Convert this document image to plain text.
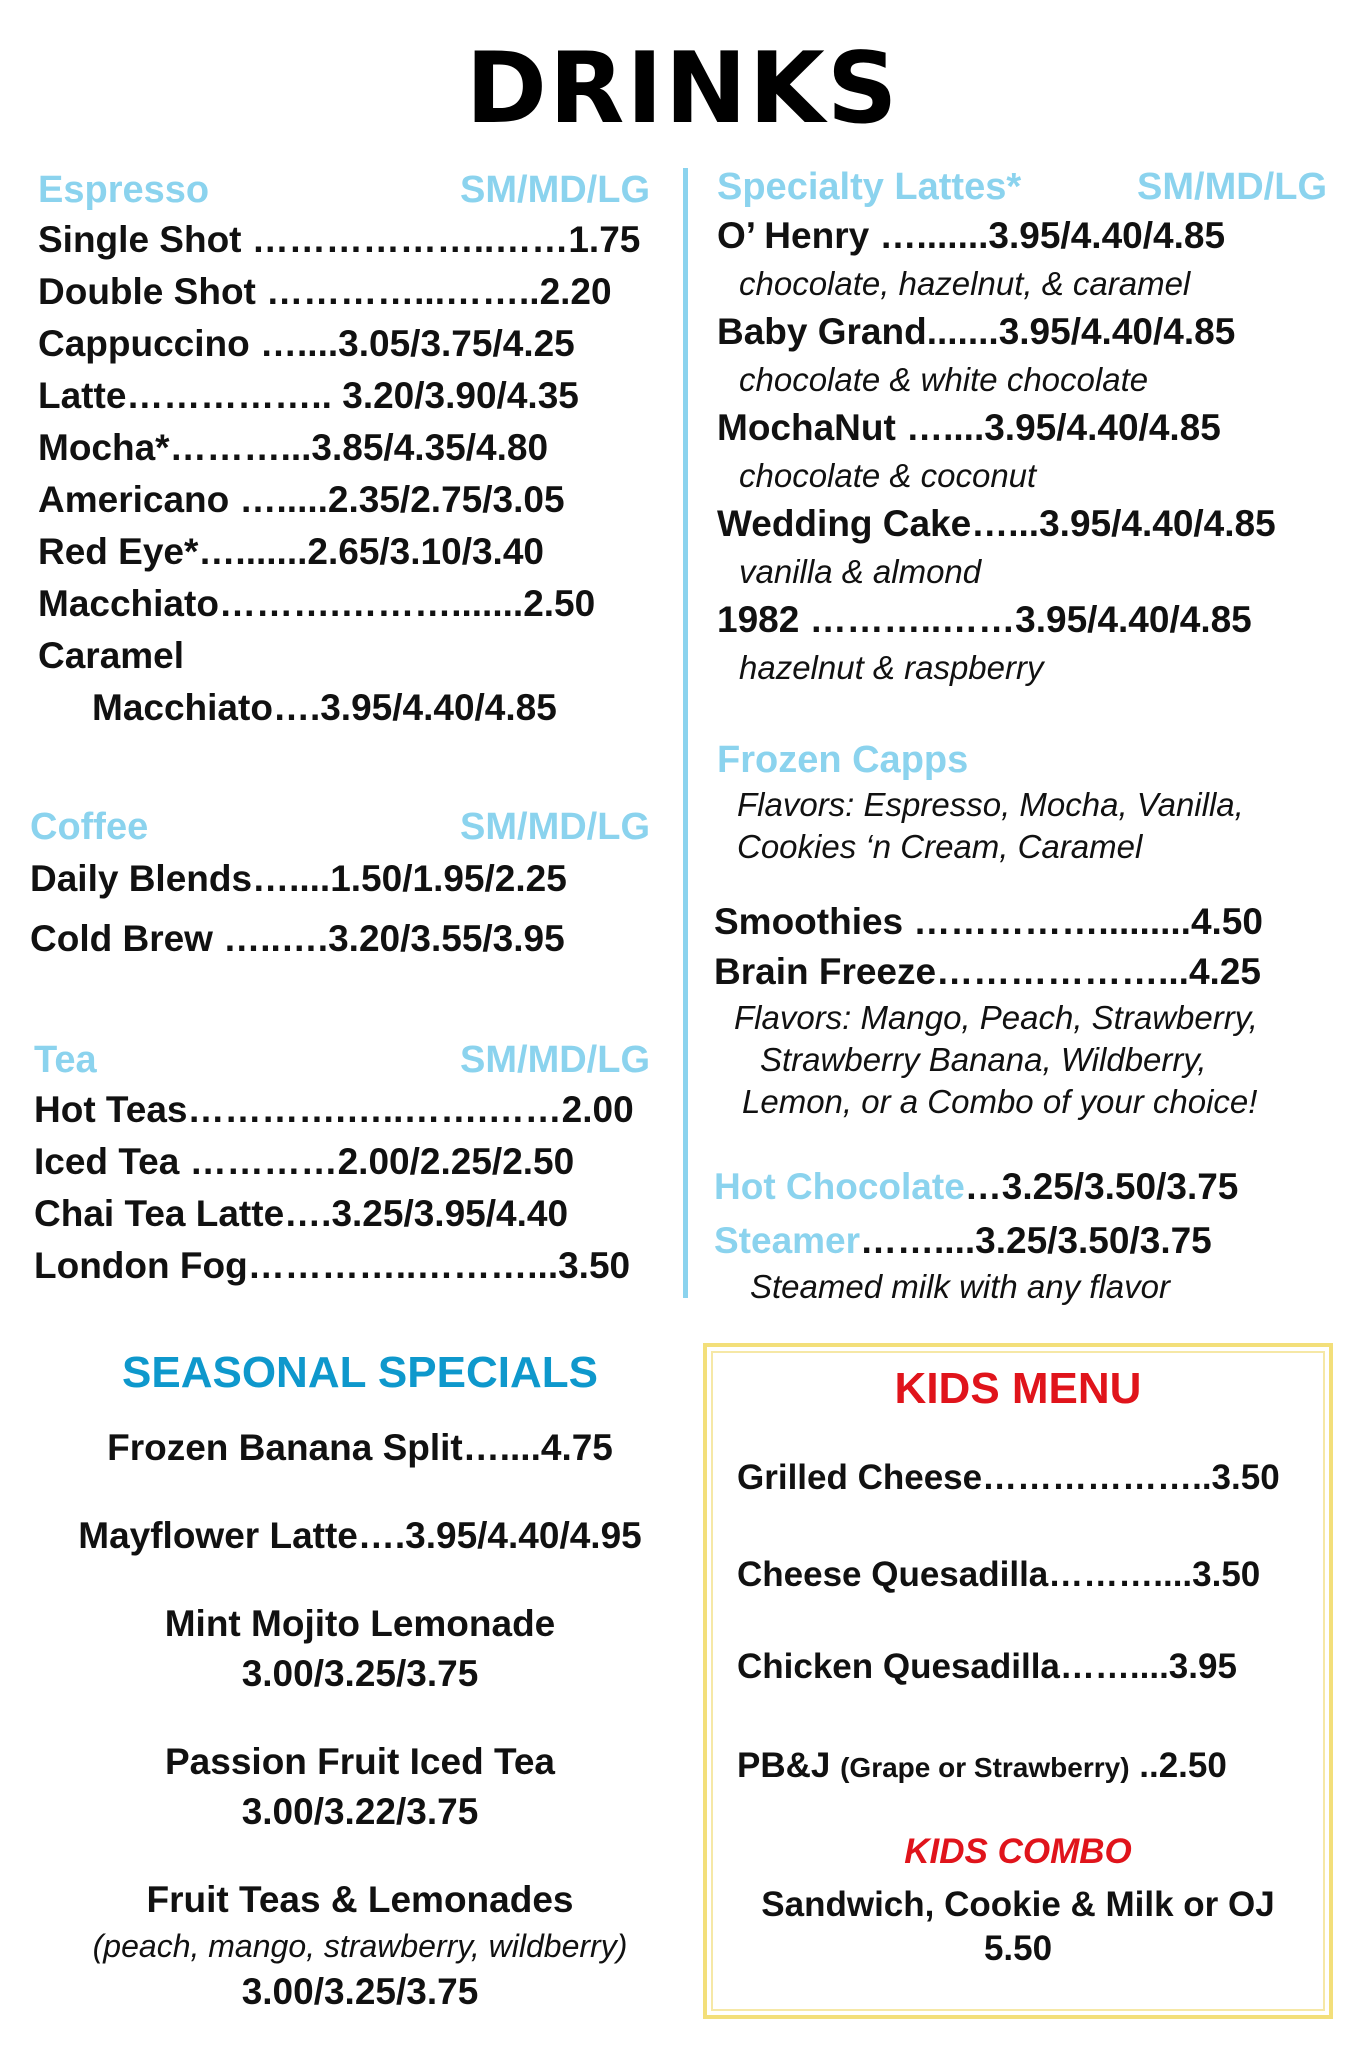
DRINKS
Espresso	SM/MD/LG
Single Shot ………………..……1.75
Double Shot …………...……..2.20
Cappuccino …....3.05/3.75/4.25
Latte…………….. 3.20/3.90/4.35
Mocha*………...3.85/4.35/4.80
Americano ….....2.35/2.75/3.05
Red Eye*….......2.65/3.10/3.40
Macchiato……….……….......2.50
Caramel
Macchiato….3.95/4.40/4.85
Coffee	SM/MD/LG
Daily Blends…....1.50/1.95/2.25
Cold Brew …..….3.20/3.55/3.95
Tea	SM/MD/LG
Hot Teas………….…..…….……2.00
Iced Tea …………2.00/2.25/2.50
Chai Tea Latte….3.25/3.95/4.40
London Fog…………..………...3.50
Specialty Lattes*	SM/MD/LG
O’ Henry ….......3.95/4.40/4.85
chocolate, hazelnut, & caramel
Baby Grand.......3.95/4.40/4.85
chocolate & white chocolate
MochaNut …....3.95/4.40/4.85
chocolate & coconut
Wedding Cake…...3.95/4.40/4.85
vanilla & almond
1982 ………..……3.95/4.40/4.85
hazelnut & raspberry
Frozen Capps
Flavors: Espresso, Mocha, Vanilla,
Cookies ‘n Cream, Caramel
Smoothies …………….........4.50
Brain Freeze………………...4.25
Flavors: Mango, Peach, Strawberry,
Strawberry Banana, Wildberry,
Lemon, or a Combo of your choice!
Hot Chocolate…3.25/3.50/3.75
Steamer……....3.25/3.50/3.75
Steamed milk with any flavor
SEASONAL SPECIALS
Frozen Banana Split…....4.75
Mayflower Latte….3.95/4.40/4.95
Mint Mojito Lemonade
3.00/3.25/3.75
Passion Fruit Iced Tea
3.00/3.22/3.75
Fruit Teas & Lemonades
(peach, mango, strawberry, wildberry)
3.00/3.25/3.75
KIDS MENU
Grilled Cheese………………..3.50
Cheese Quesadilla………....3.50
Chicken Quesadilla……....3.95
PB&J (Grape or Strawberry) ..2.50
KIDS COMBO
Sandwich, Cookie & Milk or OJ
5.50
